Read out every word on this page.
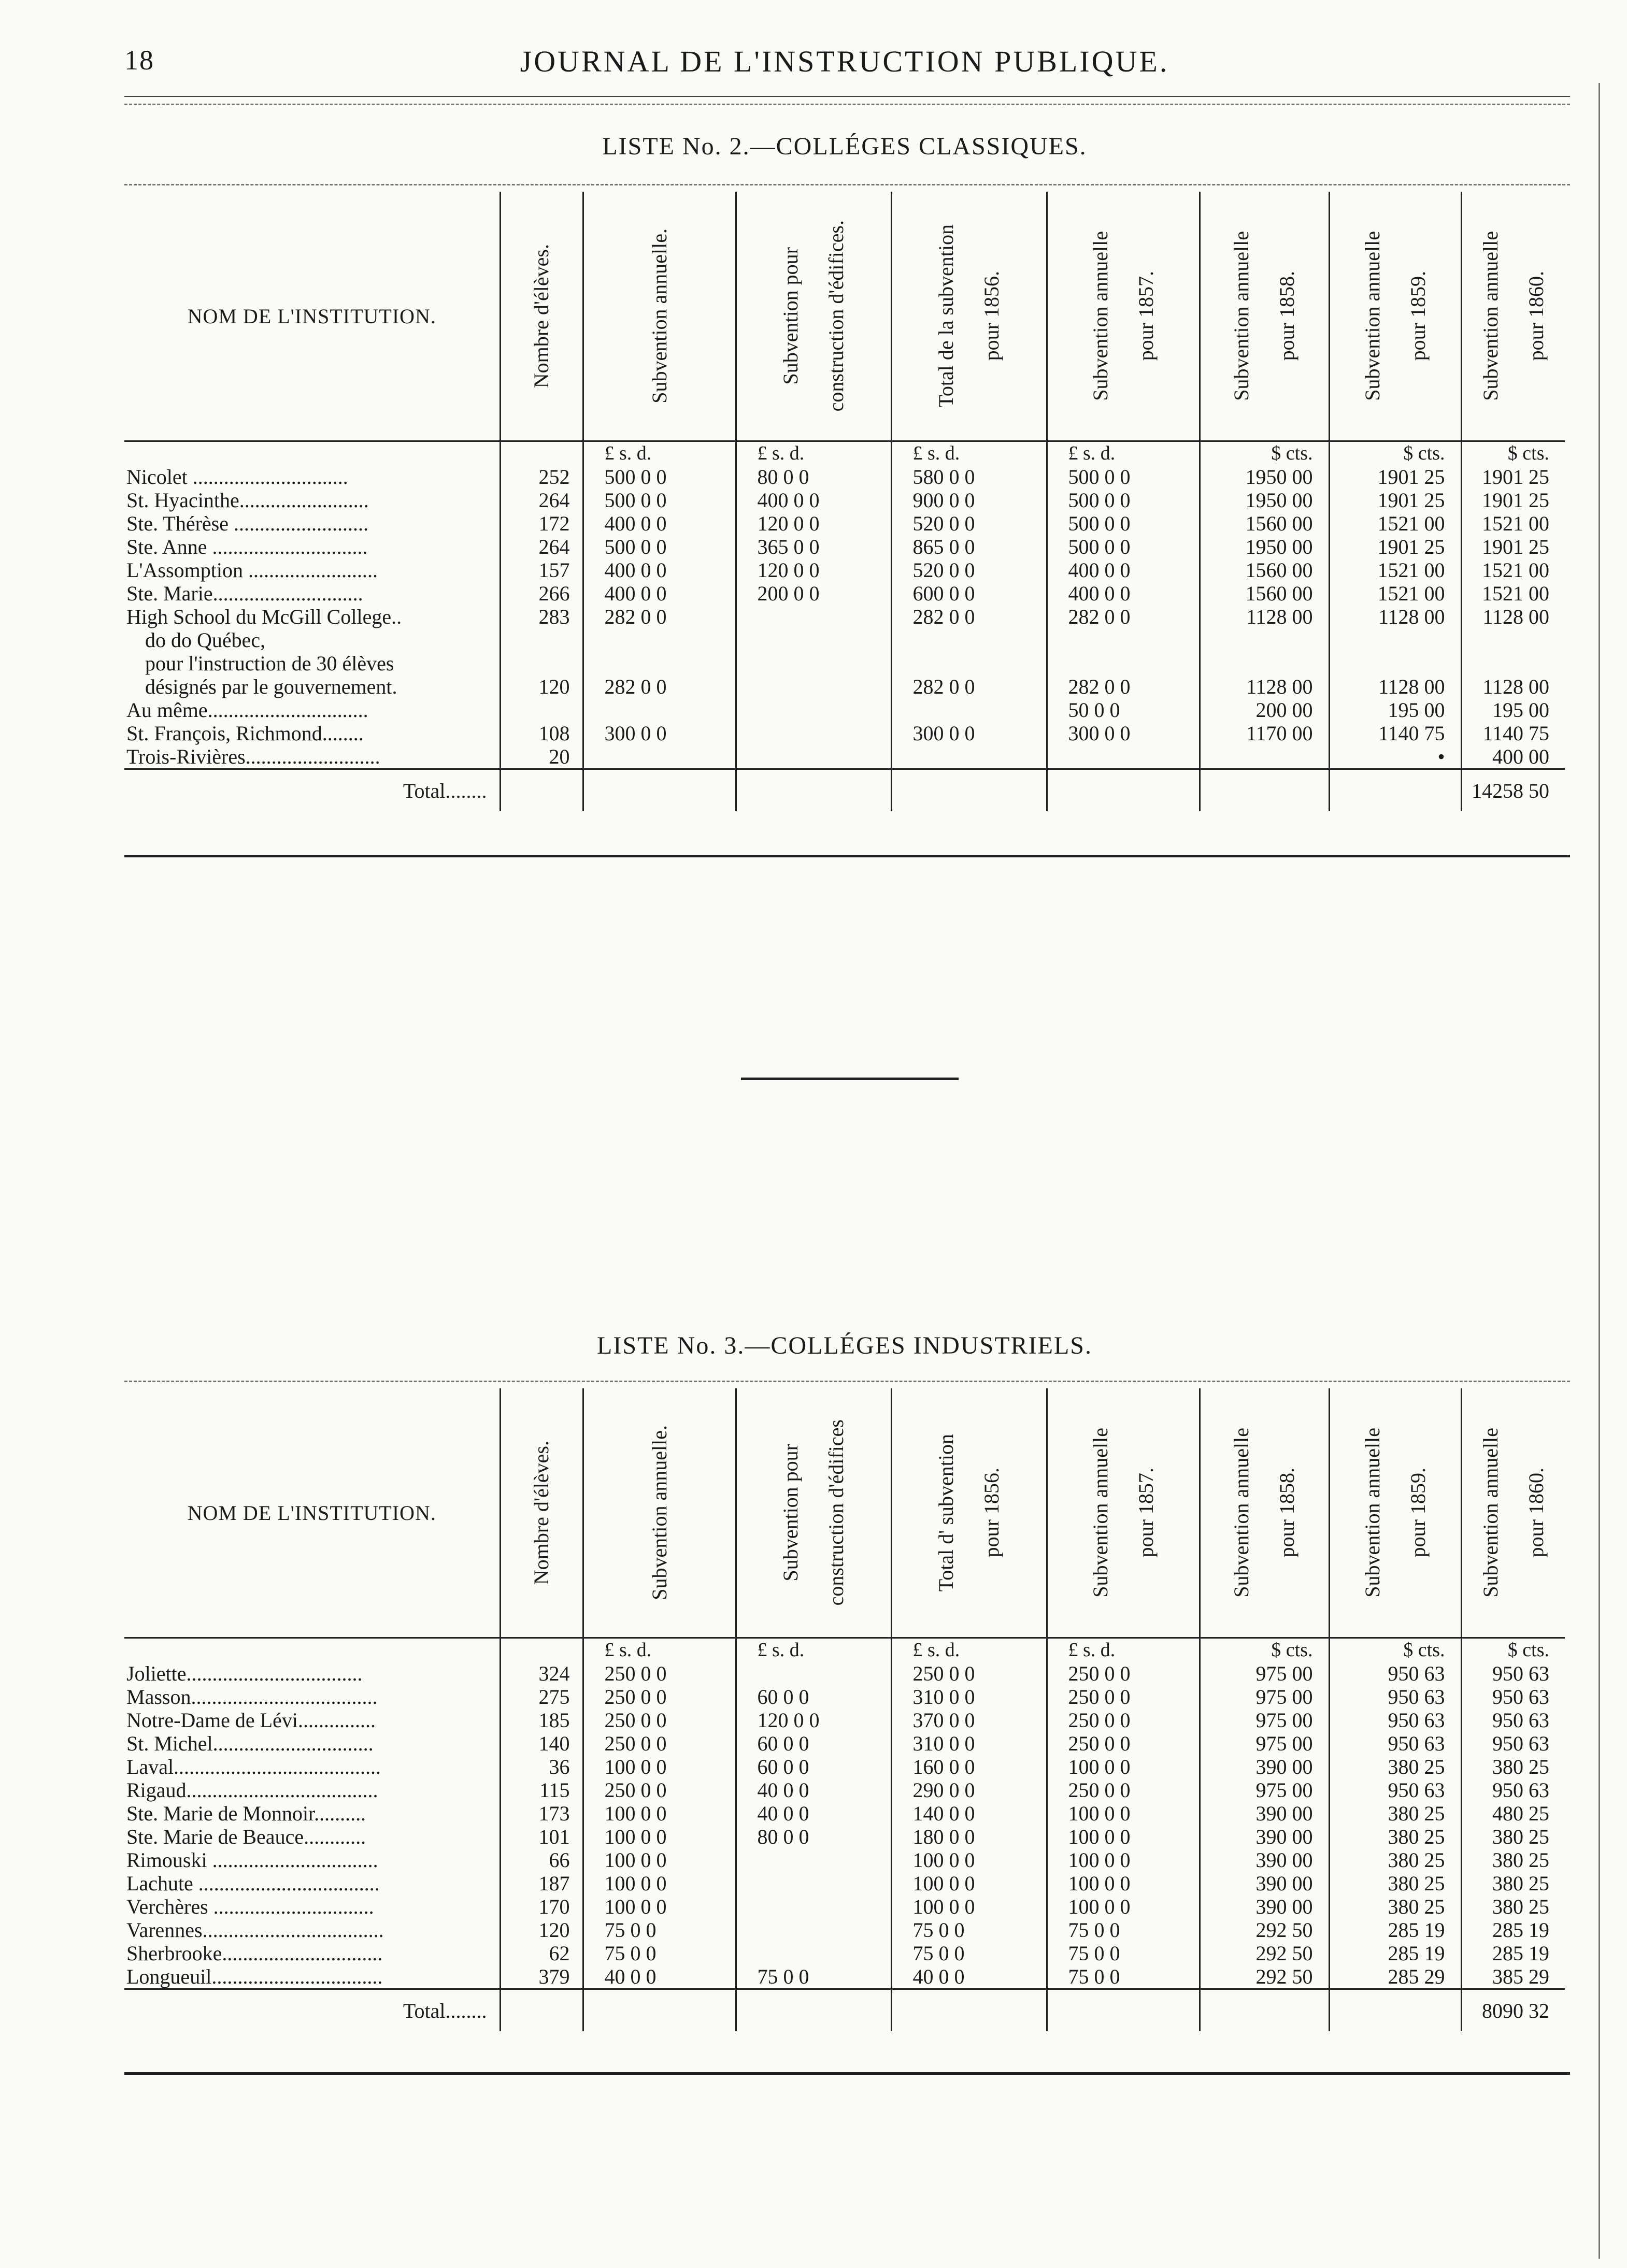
18	JOURNAL DE L'INSTRUCTION PUBLIQUE.
LISTE No. 2.—COLLÉGES CLASSIQUES.
NOM DE L'INSTITUTION.	Nombre d'élèves.	Subvention annuelle.	Subvention pour construction d'édifices.	Total de la subvention pour 1856.	Subvention annuelle pour 1857.	Subvention annuelle pour 1858.	Subvention annuelle pour 1859.	Subvention annuelle pour 1860.

		£ s. d.	£ s. d.	£ s. d.	£ s. d.	$ cts.	$ cts.	$ cts.
Nicolet ..............................	252	500 0 0	80 0 0	580 0 0	500 0 0	1950 00	1901 25	1901 25
St. Hyacinthe.........................	264	500 0 0	400 0 0	900 0 0	500 0 0	1950 00	1901 25	1901 25
Ste. Thérèse ..........................	172	400 0 0	120 0 0	520 0 0	500 0 0	1560 00	1521 00	1521 00
Ste. Anne ..............................	264	500 0 0	365 0 0	865 0 0	500 0 0	1950 00	1901 25	1901 25
L'Assomption .........................	157	400 0 0	120 0 0	520 0 0	400 0 0	1560 00	1521 00	1521 00
Ste. Marie.............................	266	400 0 0	200 0 0	600 0 0	400 0 0	1560 00	1521 00	1521 00
High School du McGill College..	283	282 0 0		282 0 0	282 0 0	1128 00	1128 00	1128 00
do do Québec,								
pour l'instruction de 30 élèves								
désignés par le gouvernement.	120	282 0 0		282 0 0	282 0 0	1128 00	1128 00	1128 00
Au même...............................					50 0 0	200 00	195 00	195 00
St. François, Richmond........	108	300 0 0		300 0 0	300 0 0	1170 00	1140 75	1140 75
Trois-Rivières..........................	20						•	400 00
Total........								14258 50
LISTE No. 3.—COLLÉGES INDUSTRIELS.
NOM DE L'INSTITUTION.	Nombre d'élèves.	Subvention annuelle.	Subvention pour construction d'édifices	Total d' subvention pour 1856.	Subvention annuelle pour 1857.	Subvention annuelle pour 1858.	Subvention annuelle pour 1859.	Subvention annuelle pour 1860.

		£ s. d.	£ s. d.	£ s. d.	£ s. d.	$ cts.	$ cts.	$ cts.
Joliette..................................	324	250 0 0		250 0 0	250 0 0	975 00	950 63	950 63
Masson....................................	275	250 0 0	60 0 0	310 0 0	250 0 0	975 00	950 63	950 63
Notre-Dame de Lévi...............	185	250 0 0	120 0 0	370 0 0	250 0 0	975 00	950 63	950 63
St. Michel...............................	140	250 0 0	60 0 0	310 0 0	250 0 0	975 00	950 63	950 63
Laval........................................	36	100 0 0	60 0 0	160 0 0	100 0 0	390 00	380 25	380 25
Rigaud.....................................	115	250 0 0	40 0 0	290 0 0	250 0 0	975 00	950 63	950 63
Ste. Marie de Monnoir..........	173	100 0 0	40 0 0	140 0 0	100 0 0	390 00	380 25	480 25
Ste. Marie de Beauce............	101	100 0 0	80 0 0	180 0 0	100 0 0	390 00	380 25	380 25
Rimouski ................................	66	100 0 0		100 0 0	100 0 0	390 00	380 25	380 25
Lachute ...................................	187	100 0 0		100 0 0	100 0 0	390 00	380 25	380 25
Verchères ...............................	170	100 0 0		100 0 0	100 0 0	390 00	380 25	380 25
Varennes...................................	120	75 0 0		75 0 0	75 0 0	292 50	285 19	285 19
Sherbrooke...............................	62	75 0 0		75 0 0	75 0 0	292 50	285 19	285 19
Longueuil.................................	379	40 0 0	75 0 0	40 0 0	75 0 0	292 50	285 29	385 29
Total........								8090 32
